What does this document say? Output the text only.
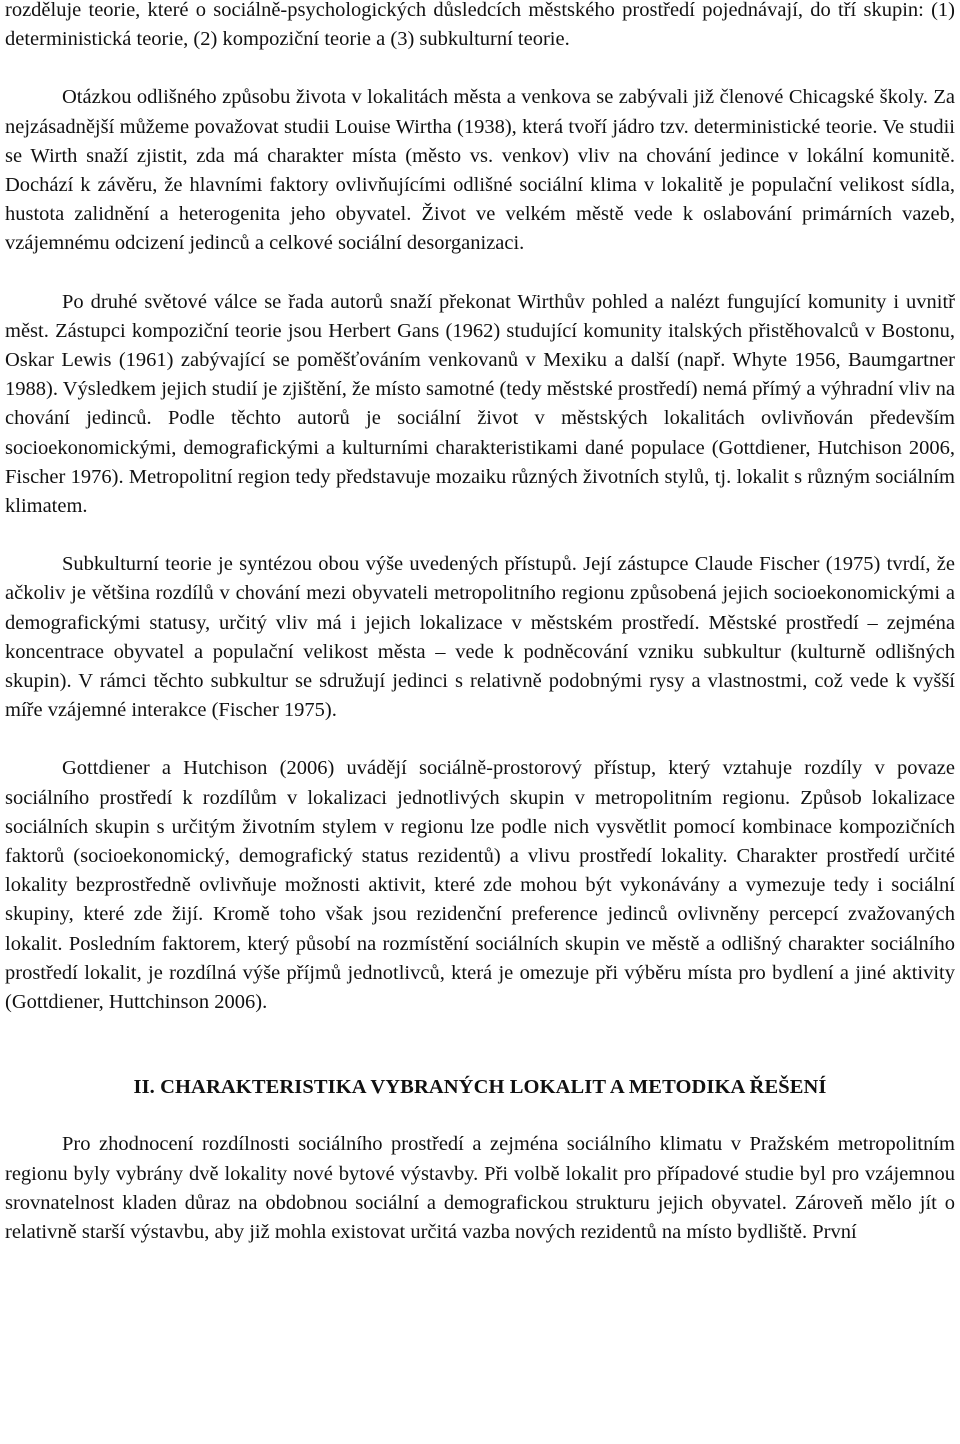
rozděluje teorie, které o sociálně-psychologických důsledcích městského prostředí pojednávají, do tří skupin: (1) deterministická teorie, (2) kompoziční teorie a (3) subkulturní teorie.

Otázkou odlišného způsobu života v lokalitách města a venkova se zabývali již členové Chicagské školy. Za nejzásadnější můžeme považovat studii Louise Wirtha (1938), která tvoří jádro tzv. deterministické teorie. Ve studii se Wirth snaží zjistit, zda má charakter místa (město vs. venkov) vliv na chování jedince v lokální komunitě. Dochází k závěru, že hlavními faktory ovlivňujícími odlišné sociální klima v lokalitě je populační velikost sídla, hustota zalidnění a heterogenita jeho obyvatel. Život ve velkém městě vede k oslabování primárních vazeb, vzájemnému odcizení jedinců a celkové sociální desorganizaci.

Po druhé světové válce se řada autorů snaží překonat Wirthův pohled a nalézt fungující komunity i uvnitř měst. Zástupci kompoziční teorie jsou Herbert Gans (1962) studující komunity italských přistěhovalců v Bostonu, Oskar Lewis (1961) zabývající se poměšťováním venkovanů v Mexiku a další (např. Whyte 1956, Baumgartner 1988). Výsledkem jejich studií je zjištění, že místo samotné (tedy městské prostředí) nemá přímý a výhradní vliv na chování jedinců. Podle těchto autorů je sociální život v městských lokalitách ovlivňován především socioekonomickými, demografickými a kulturními charakteristikami dané populace (Gottdiener, Hutchison 2006, Fischer 1976). Metropolitní region tedy představuje mozaiku různých životních stylů, tj. lokalit s různým sociálním klimatem.

Subkulturní teorie je syntézou obou výše uvedených přístupů. Její zástupce Claude Fischer (1975) tvrdí, že ačkoliv je většina rozdílů v chování mezi obyvateli metropolitního regionu způsobená jejich socioekonomickými a demografickými statusy, určitý vliv má i jejich lokalizace v městském prostředí. Městské prostředí – zejména koncentrace obyvatel a populační velikost města – vede k podněcování vzniku subkultur (kulturně odlišných skupin). V rámci těchto subkultur se sdružují jedinci s relativně podobnými rysy a vlastnostmi, což vede k vyšší míře vzájemné interakce (Fischer 1975).

Gottdiener a Hutchison (2006) uvádějí sociálně-prostorový přístup, který vztahuje rozdíly v povaze sociálního prostředí k rozdílům v lokalizaci jednotlivých skupin v metropolitním regionu. Způsob lokalizace sociálních skupin s určitým životním stylem v regionu lze podle nich vysvětlit pomocí kombinace kompozičních faktorů (socioekonomický, demografický status rezidentů) a vlivu prostředí lokality. Charakter prostředí určité lokality bezprostředně ovlivňuje možnosti aktivit, které zde mohou být vykonávány a vymezuje tedy i sociální skupiny, které zde žijí. Kromě toho však jsou rezidenční preference jedinců ovlivněny percepcí zvažovaných lokalit. Posledním faktorem, který působí na rozmístění sociálních skupin ve městě a odlišný charakter sociálního prostředí lokalit, je rozdílná výše příjmů jednotlivců, která je omezuje při výběru místa pro bydlení a jiné aktivity (Gottdiener, Huttchinson 2006).

II. CHARAKTERISTIKA VYBRANÝCH LOKALIT A METODIKA ŘEŠENÍ

Pro zhodnocení rozdílnosti sociálního prostředí a zejména sociálního klimatu v Pražském metropolitním regionu byly vybrány dvě lokality nové bytové výstavby. Při volbě lokalit pro případové studie byl pro vzájemnou srovnatelnost kladen důraz na obdobnou sociální a demografickou strukturu jejich obyvatel. Zároveň mělo jít o relativně starší výstavbu, aby již mohla existovat určitá vazba nových rezidentů na místo bydliště. První
